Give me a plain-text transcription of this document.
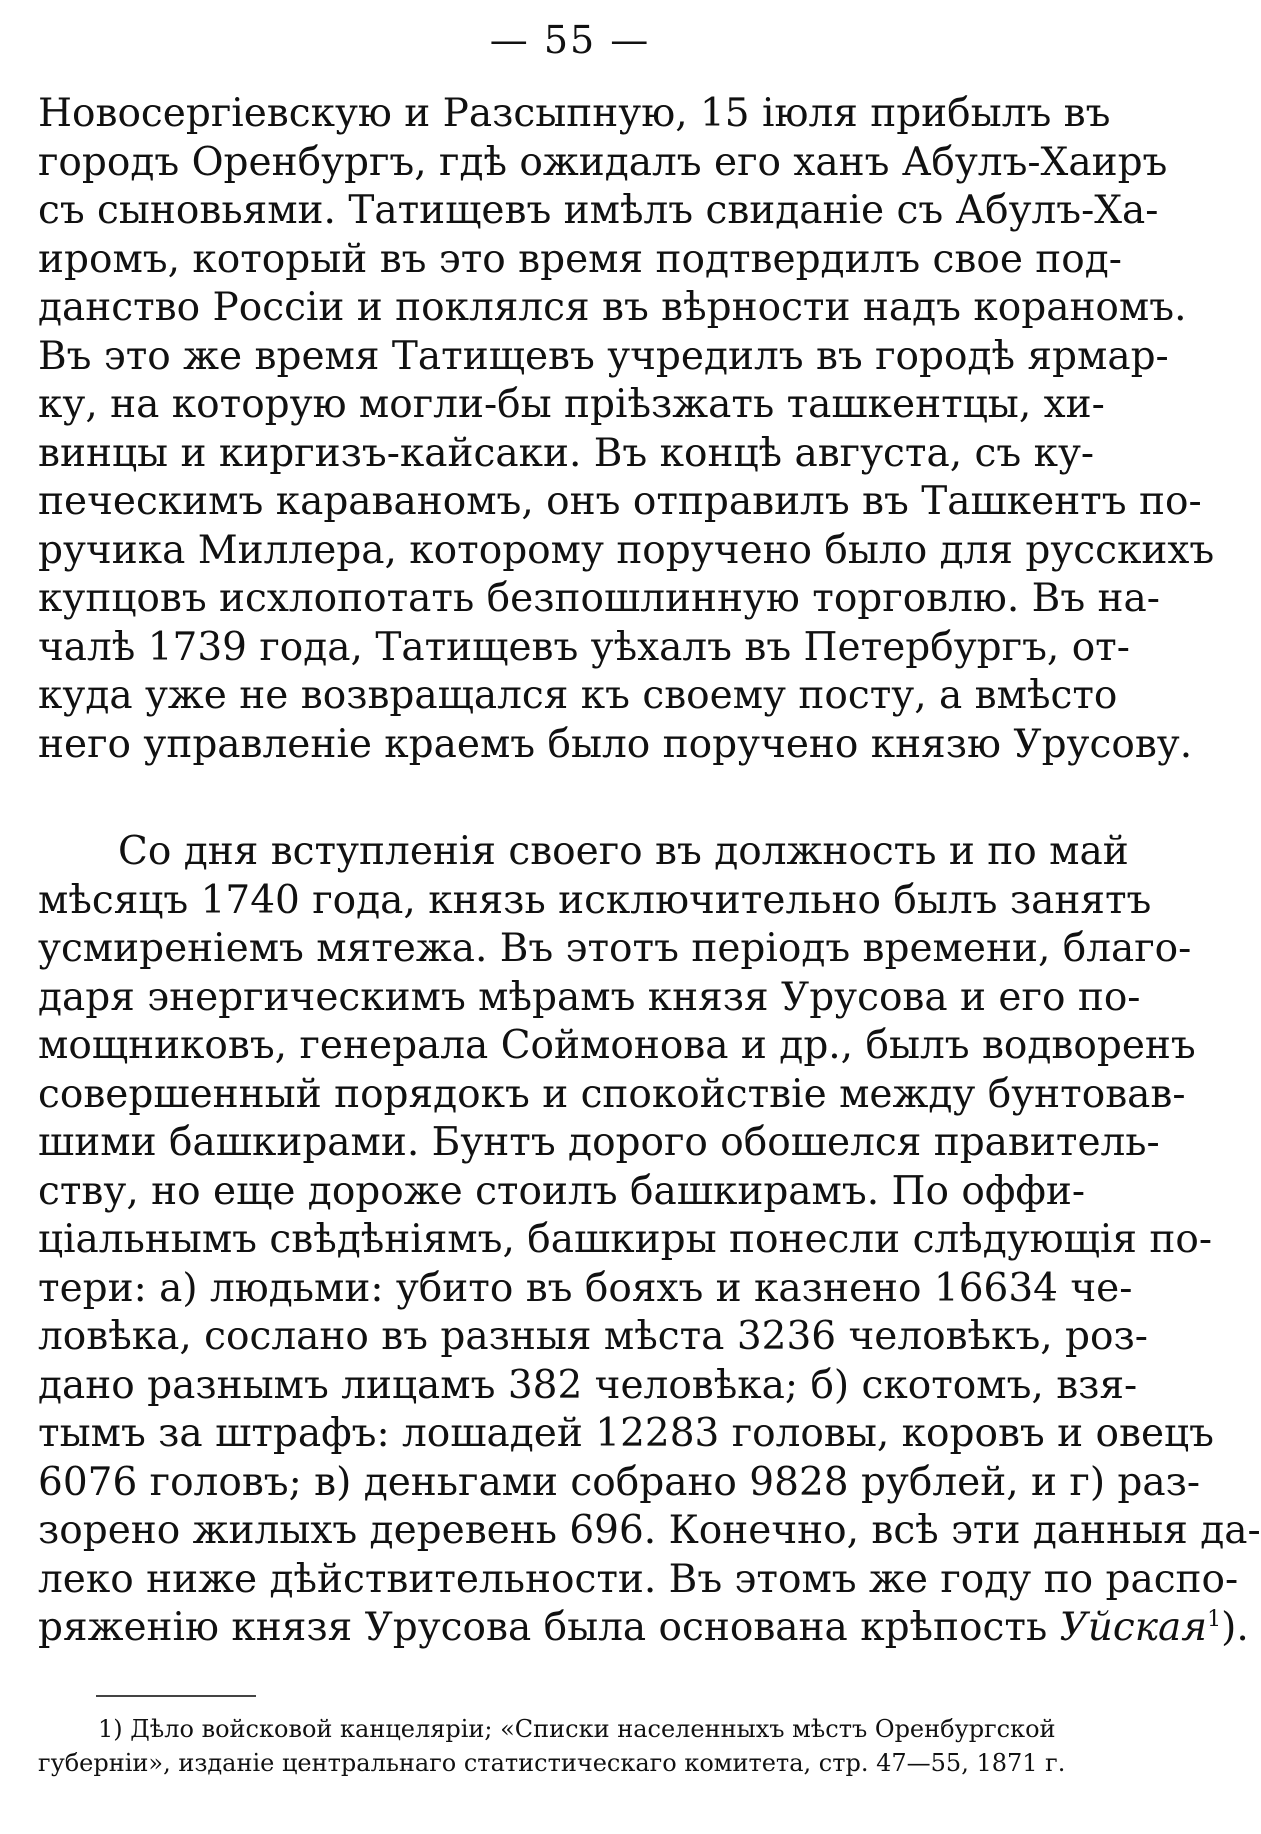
— 55 —
Новосергіевскую и Разсыпную, 15 іюля прибылъ въ
городъ Оренбургъ, гдѣ ожидалъ его ханъ Абулъ-Хаиръ
съ сыновьями. Татищевъ имѣлъ свиданіе съ Абулъ-Ха-
иромъ, который въ это время подтвердилъ свое под-
данство Россіи и поклялся въ вѣрности надъ кораномъ.
Въ это же время Татищевъ учредилъ въ городѣ ярмар-
ку, на которую могли-бы пріѣзжать ташкентцы, хи-
винцы и киргизъ-кайсаки. Въ концѣ августа, съ ку-
печескимъ караваномъ, онъ отправилъ въ Ташкентъ по-
ручика Миллера, которому поручено было для русскихъ
купцовъ исхлопотать безпошлинную торговлю. Въ на-
чалѣ 1739 года, Татищевъ уѣхалъ въ Петербургъ, от-
куда уже не возвращался къ своему посту, а вмѣсто
него управленіе краемъ было поручено князю Урусову.
Со дня вступленія своего въ должность и по май
мѣсяцъ 1740 года, князь исключительно былъ занятъ
усмиреніемъ мятежа. Въ этотъ періодъ времени, благо-
даря энергическимъ мѣрамъ князя Урусова и его по-
мощниковъ, генерала Соймонова и др., былъ водворенъ
совершенный порядокъ и спокойствіе между бунтовав-
шими башкирами. Бунтъ дорого обошелся правитель-
ству, но еще дороже стоилъ башкирамъ. По оффи-
ціальнымъ свѣдѣніямъ, башкиры понесли слѣдующія по-
тери: а) людьми: убито въ бояхъ и казнено 16634 че-
ловѣка, сослано въ разныя мѣста 3236 человѣкъ, роз-
дано разнымъ лицамъ 382 человѣка; б) скотомъ, взя-
тымъ за штрафъ: лошадей 12283 головы, коровъ и овецъ
6076 головъ; в) деньгами собрано 9828 рублей, и г) раз-
зорено жилыхъ деревень 696. Конечно, всѣ эти данныя да-
леко ниже дѣйствительности. Въ этомъ же году по распо-
ряженію князя Урусова была основана крѣпость Уйская$^1$).
1) Дѣло войсковой канцеляріи; «Списки населенныхъ мѣстъ Оренбургской
губерніи», изданіе центральнаго статистическаго комитета, стр. 47—55, 1871 г.
